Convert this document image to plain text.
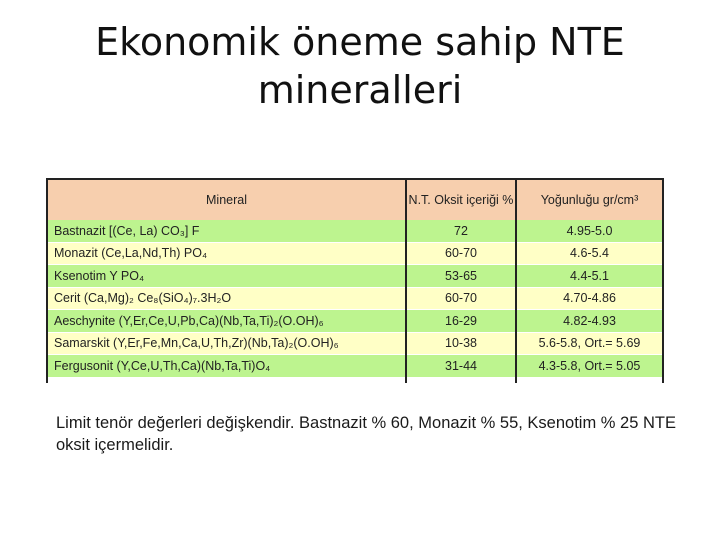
Ekonomik öneme sahip NTE mineralleri
Mineral	N.T. Oksit içeriği %	Yoğunluğu gr/cm³
Bastnazit [(Ce, La) CO₃] F	72	4.95-5.0
Monazit (Ce,La,Nd,Th) PO₄	60-70	4.6-5.4
Ksenotim Y PO₄	53-65	4.4-5.1
Cerit (Ca,Mg)₂ Ce₈(SiO₄)₇.3H₂O	60-70	4.70-4.86
Aeschynite (Y,Er,Ce,U,Pb,Ca)(Nb,Ta,Ti)₂(O.OH)₆	16-29	4.82-4.93
Samarskit (Y,Er,Fe,Mn,Ca,U,Th,Zr)(Nb,Ta)₂(O.OH)₆	10-38	5.6-5.8, Ort.= 5.69
Fergusonit (Y,Ce,U,Th,Ca)(Nb,Ta,Ti)O₄	31-44	4.3-5.8, Ort.= 5.05

Limit tenör değerleri değişkendir. Bastnazit % 60, Monazit % 55, Ksenotim % 25 NTE oksit içermelidir.
